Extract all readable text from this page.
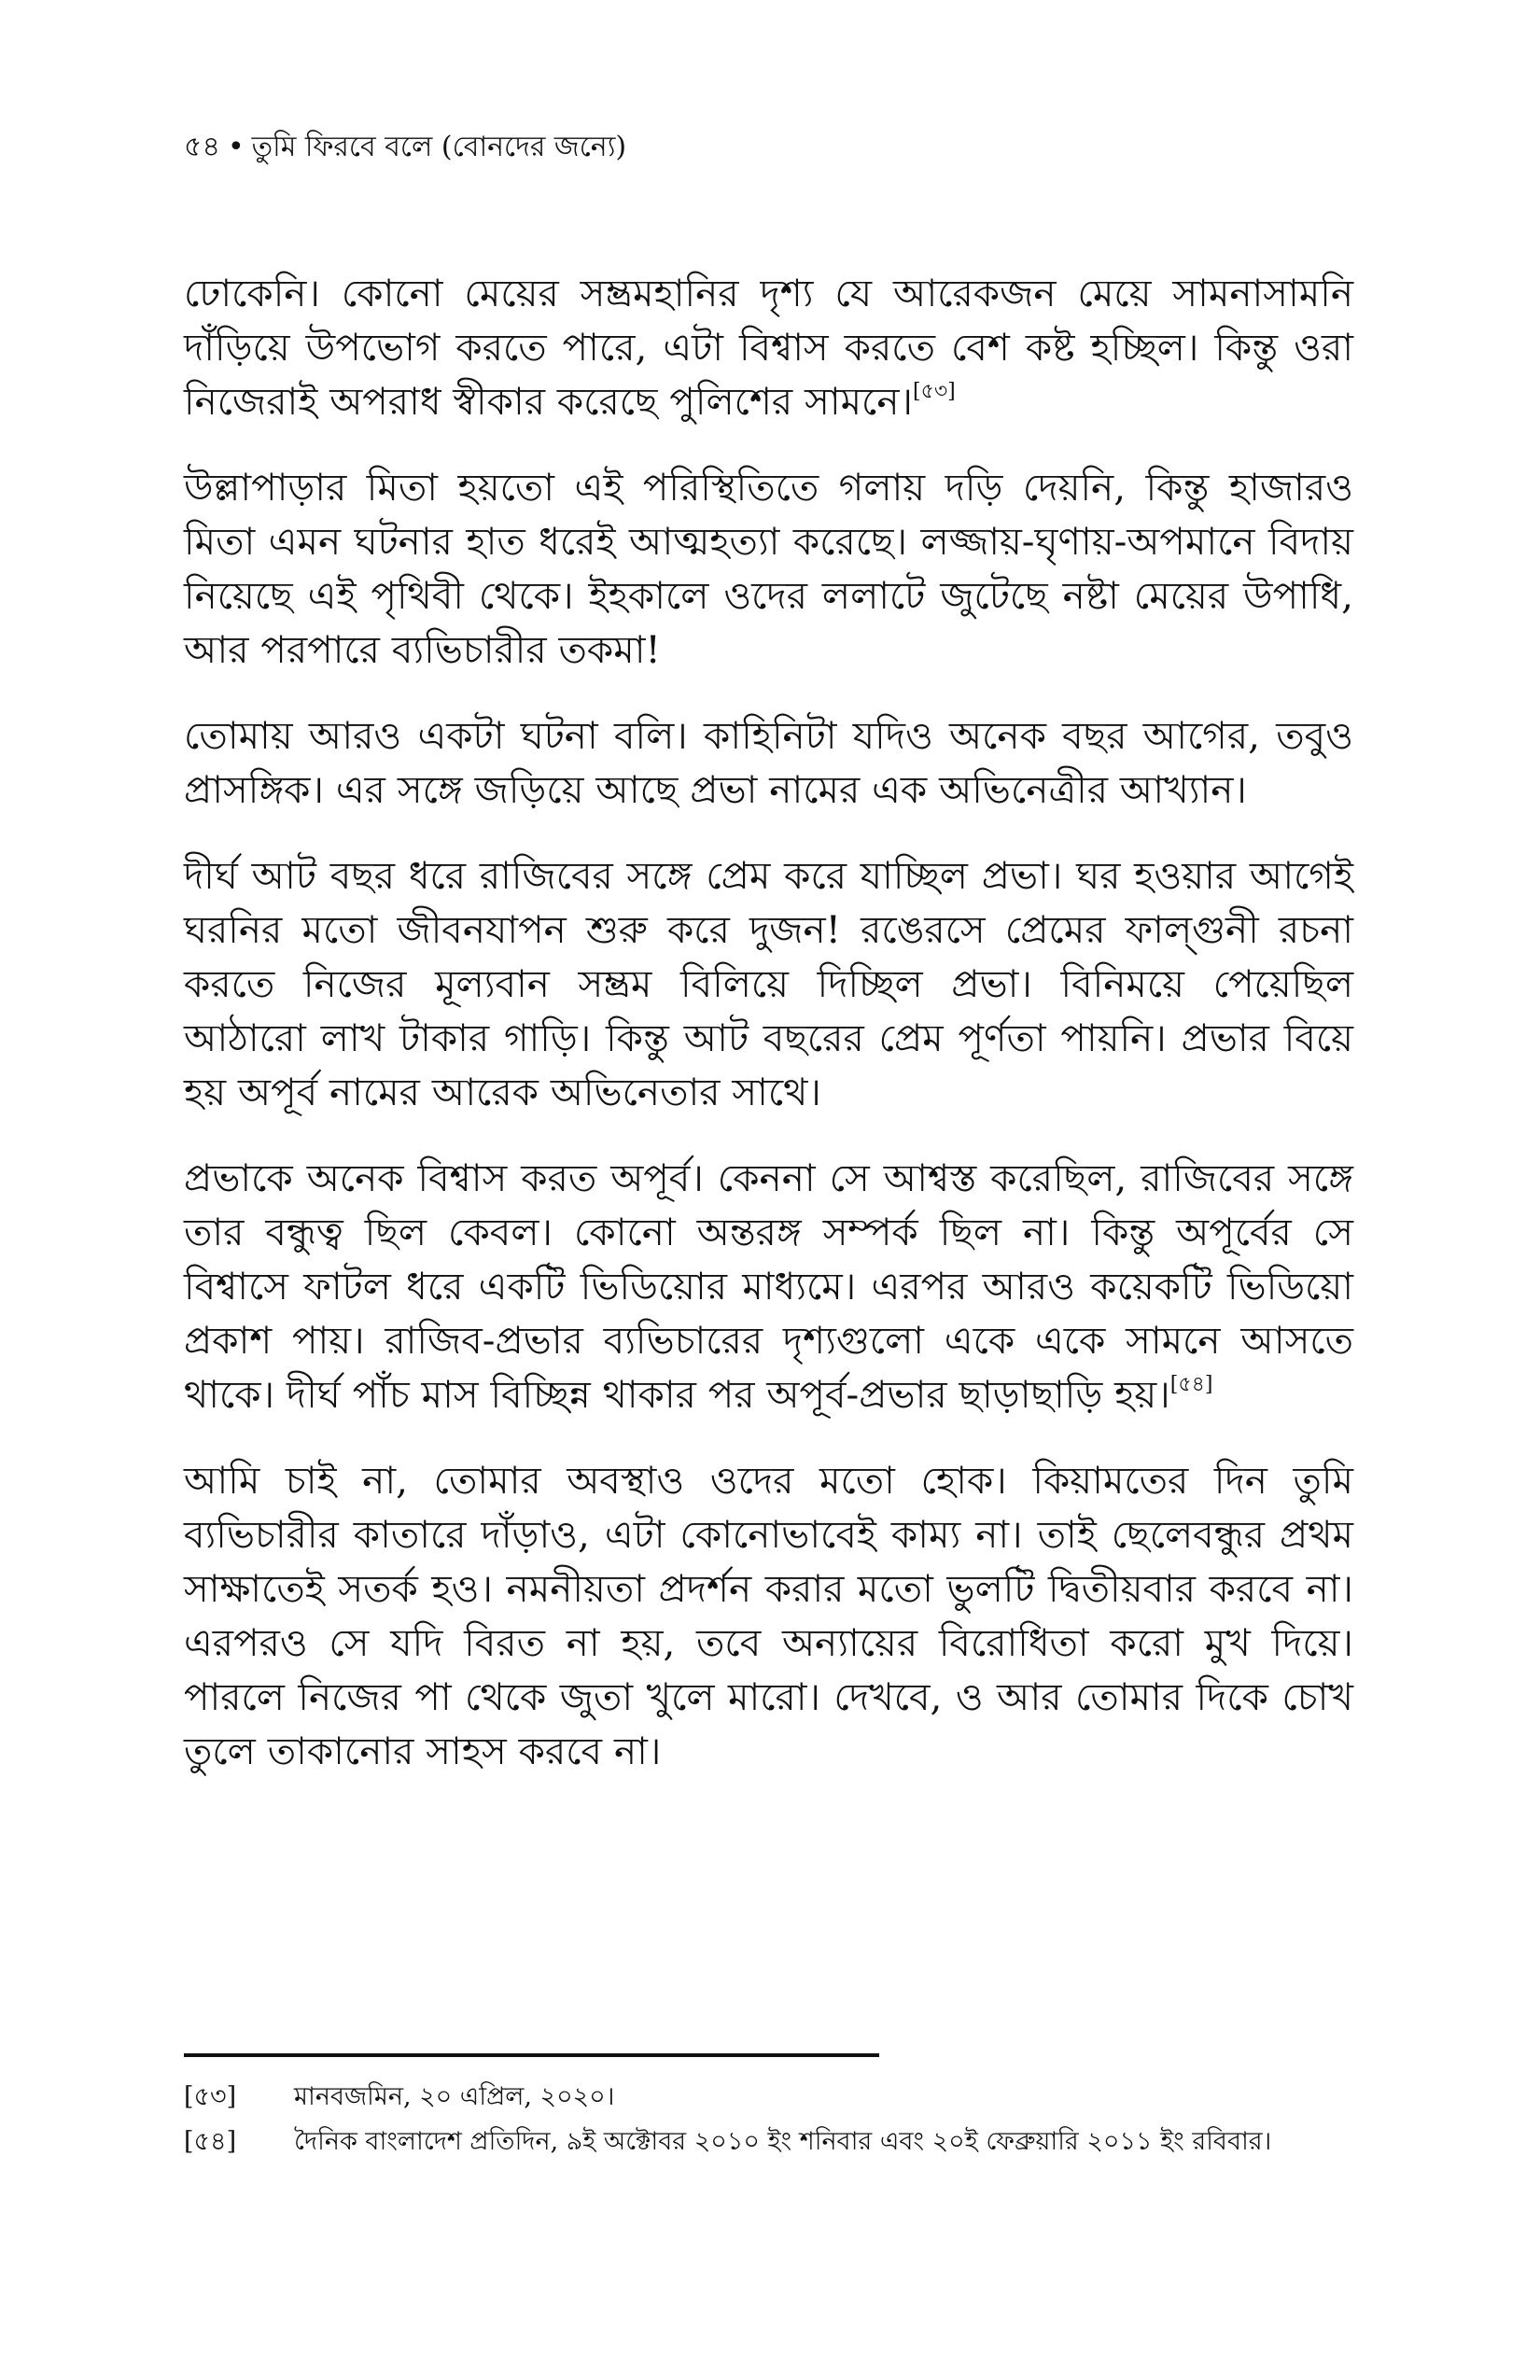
৫৪ • তুমি ফিরবে বলে (বোনদের জন্যে)

ঢোকেনি। কোনো মেয়ের সম্ভ্রমহানির দৃশ্য যে আরেকজন মেয়ে সামনাসামনি দাঁড়িয়ে উপভোগ করতে পারে, এটা বিশ্বাস করতে বেশ কষ্ট হচ্ছিল। কিন্তু ওরা নিজেরাই অপরাধ স্বীকার করেছে পুলিশের সামনে।[৫৩]

উল্লাপাড়ার মিতা হয়তো এই পরিস্থিতিতে গলায় দড়ি দেয়নি, কিন্তু হাজারও মিতা এমন ঘটনার হাত ধরেই আত্মহত্যা করেছে। লজ্জায়-ঘৃণায়-অপমানে বিদায় নিয়েছে এই পৃথিবী থেকে। ইহকালে ওদের ললাটে জুটেছে নষ্টা মেয়ের উপাধি, আর পরপারে ব্যভিচারীর তকমা!

তোমায় আরও একটা ঘটনা বলি। কাহিনিটা যদিও অনেক বছর আগের, তবুও প্রাসঙ্গিক। এর সঙ্গে জড়িয়ে আছে প্রভা নামের এক অভিনেত্রীর আখ্যান।

দীর্ঘ আট বছর ধরে রাজিবের সঙ্গে প্রেম করে যাচ্ছিল প্রভা। ঘর হওয়ার আগেই ঘরনির মতো জীবনযাপন শুরু করে দুজন! রঙেরসে প্রেমের ফাল্গুনী রচনা করতে নিজের মূল্যবান সম্ভ্রম বিলিয়ে দিচ্ছিল প্রভা। বিনিময়ে পেয়েছিল আঠারো লাখ টাকার গাড়ি। কিন্তু আট বছরের প্রেম পূর্ণতা পায়নি। প্রভার বিয়ে হয় অপূর্ব নামের আরেক অভিনেতার সাথে।

প্রভাকে অনেক বিশ্বাস করত অপূর্ব। কেননা সে আশ্বস্ত করেছিল, রাজিবের সঙ্গে তার বন্ধুত্ব ছিল কেবল। কোনো অন্তরঙ্গ সম্পর্ক ছিল না। কিন্তু অপূর্বের সে বিশ্বাসে ফাটল ধরে একটি ভিডিয়োর মাধ্যমে। এরপর আরও কয়েকটি ভিডিয়ো প্রকাশ পায়। রাজিব-প্রভার ব্যভিচারের দৃশ্যগুলো একে একে সামনে আসতে থাকে। দীর্ঘ পাঁচ মাস বিচ্ছিন্ন থাকার পর অপূর্ব-প্রভার ছাড়াছাড়ি হয়।[৫৪]

আমি চাই না, তোমার অবস্থাও ওদের মতো হোক। কিয়ামতের দিন তুমি ব্যভিচারীর কাতারে দাঁড়াও, এটা কোনোভাবেই কাম্য না। তাই ছেলেবন্ধুর প্রথম সাক্ষাতেই সতর্ক হও। নমনীয়তা প্রদর্শন করার মতো ভুলটি দ্বিতীয়বার করবে না। এরপরও সে যদি বিরত না হয়, তবে অন্যায়ের বিরোধিতা করো মুখ দিয়ে। পারলে নিজের পা থেকে জুতা খুলে মারো। দেখবে, ও আর তোমার দিকে চোখ তুলে তাকানোর সাহস করবে না।

[৫৩]	মানবজমিন, ২০ এপ্রিল, ২০২০।
[৫৪]	দৈনিক বাংলাদেশ প্রতিদিন, ৯ই অক্টোবর ২০১০ ইং শনিবার এবং ২০ই ফেব্রুয়ারি ২০১১ ইং রবিবার।
